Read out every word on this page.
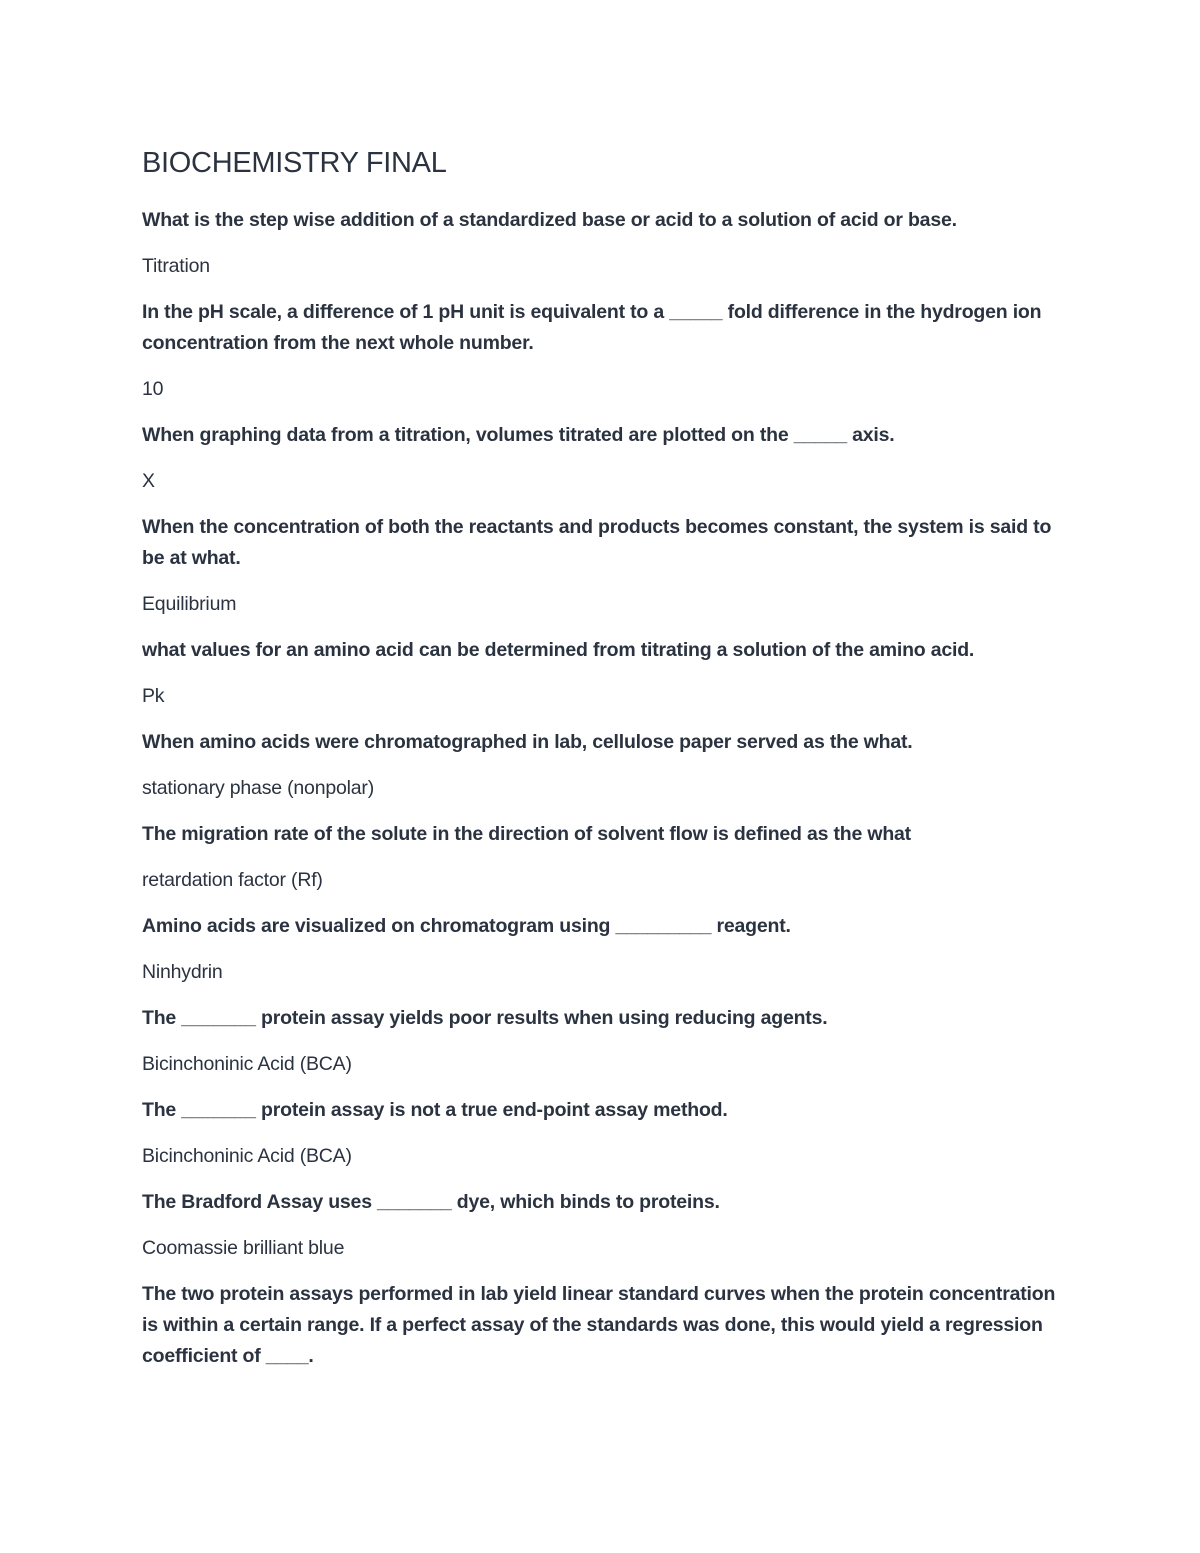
BIOCHEMISTRY FINAL

What is the step wise addition of a standardized base or acid to a solution of acid or base.

Titration

In the pH scale, a difference of 1 pH unit is equivalent to a _____ fold difference in the hydrogen ion concentration from the next whole number.

10

When graphing data from a titration, volumes titrated are plotted on the _____ axis.

X

When the concentration of both the reactants and products becomes constant, the system is said to be at what.

Equilibrium

what values for an amino acid can be determined from titrating a solution of the amino acid.

Pk

When amino acids were chromatographed in lab, cellulose paper served as the what.

stationary phase (nonpolar)

The migration rate of the solute in the direction of solvent flow is defined as the what

retardation factor (Rf)

Amino acids are visualized on chromatogram using _________ reagent.

Ninhydrin

The _______ protein assay yields poor results when using reducing agents.

Bicinchoninic Acid (BCA)

The _______ protein assay is not a true end-point assay method.

Bicinchoninic Acid (BCA)

The Bradford Assay uses _______ dye, which binds to proteins.

Coomassie brilliant blue

The two protein assays performed in lab yield linear standard curves when the protein concentration is within a certain range. If a perfect assay of the standards was done, this would yield a regression coefficient of ____.
